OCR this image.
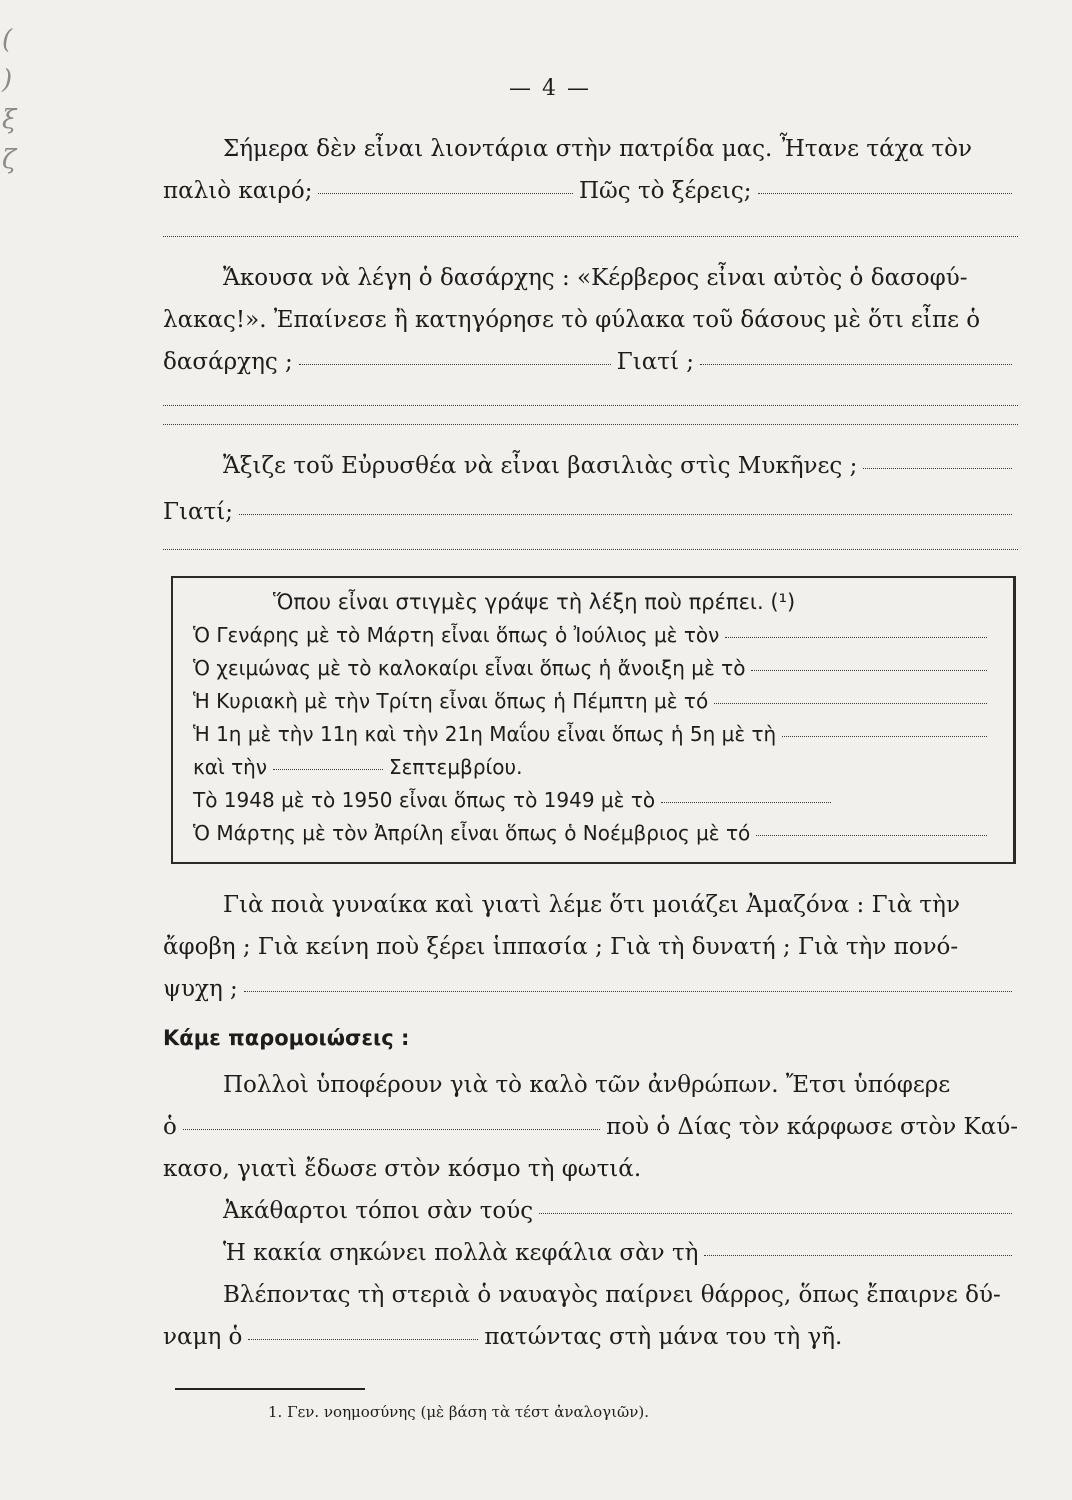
(
)
ξ
ζ
— 4 —
Σήμερα δὲν εἶναι λιοντάρια στὴν πατρίδα μας. Ἦτανε τάχα τὸν
παλιὸ καιρό;	Πῶς τὸ ξέρεις;
Ἄκουσα νὰ λέγη ὁ δασάρχης : «Κέρβερος εἶναι αὐτὸς ὁ δασοφύ-
λακας!». Ἐπαίνεσε ἢ κατηγόρησε τὸ φύλακα τοῦ δάσους μὲ ὅτι εἶπε ὁ
δασάρχης ;	Γιατί ;
Ἄξιζε τοῦ Εὐρυσθέα νὰ εἶναι βασιλιὰς στὶς Μυκῆνες ;
Γιατί;
Ὅπου εἶναι στιγμὲς γράψε τὴ λέξη ποὺ πρέπει. (¹)
Ὁ Γενάρης μὲ τὸ Μάρτη εἶναι ὅπως ὁ Ἰούλιος μὲ τὸν
Ὁ χειμώνας μὲ τὸ καλοκαίρι εἶναι ὅπως ἡ ἄνοιξη μὲ τὸ
Ἡ Κυριακὴ μὲ τὴν Τρίτη εἶναι ὅπως ἡ Πέμπτη μὲ τό
Ἡ 1η μὲ τὴν 11η καὶ τὴν 21η Μαΐου εἶναι ὅπως ἡ 5η μὲ τὴ
καὶ τὴν	Σεπτεμβρίου.
Τὸ 1948 μὲ τὸ 1950 εἶναι ὅπως τὸ 1949 μὲ τὸ
Ὁ Μάρτης μὲ τὸν Ἀπρίλη εἶναι ὅπως ὁ Νοέμβριος μὲ τό
Γιὰ ποιὰ γυναίκα καὶ γιατὶ λέμε ὅτι μοιάζει Ἀμαζόνα : Γιὰ τὴν
ἄφοβη ; Γιὰ κείνη ποὺ ξέρει ἱππασία ; Γιὰ τὴ δυνατή ; Γιὰ τὴν πονό-
ψυχη ;
Κάμε παρομοιώσεις :
Πολλοὶ ὑποφέρουν γιὰ τὸ καλὸ τῶν ἀνθρώπων. Ἔτσι ὑπόφερε
ὁ	ποὺ ὁ Δίας τὸν κάρφωσε στὸν Καύ-
κασο, γιατὶ ἔδωσε στὸν κόσμο τὴ φωτιά.
Ἀκάθαρτοι τόποι σὰν τούς
Ἡ κακία σηκώνει πολλὰ κεφάλια σὰν τὴ
Βλέποντας τὴ στεριὰ ὁ ναυαγὸς παίρνει θάρρος, ὅπως ἔπαιρνε δύ-
ναμη ὁ	πατώντας στὴ μάνα του τὴ γῆ.
1. Γεν. νοημοσύνης (μὲ βάση τὰ τέστ ἀναλογιῶν).
